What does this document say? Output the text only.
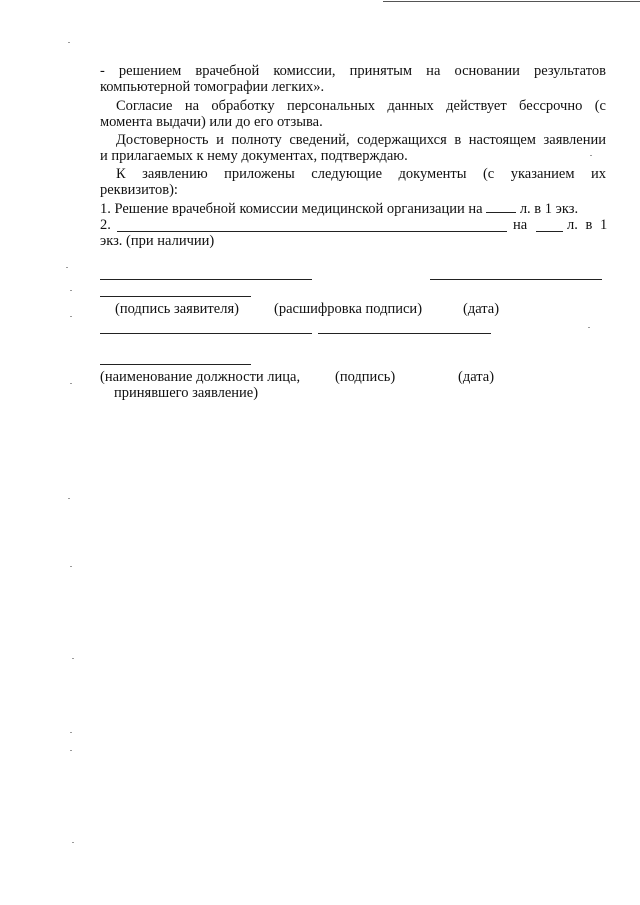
- решением врачебной комиссии, принятым на основании результатов
компьютерной томографии легких».
Согласие на обработку персональных данных действует бессрочно (с
момента выдачи) или до его отзыва.
Достоверность и полноту сведений, содержащихся в настоящем заявлении
и прилагаемых к нему документах, подтверждаю.
К заявлению приложены следующие документы (с указанием их
реквизитов):
1. Решение врачебной комиссии медицинской организации на	л. в 1 экз.
2.	на	л. в 1
экз. (при наличии)
(подпись заявителя) (расшифровка подписи)	(дата)
(наименование должности лица,
принявшего заявление)
(подпись)	(дата)
